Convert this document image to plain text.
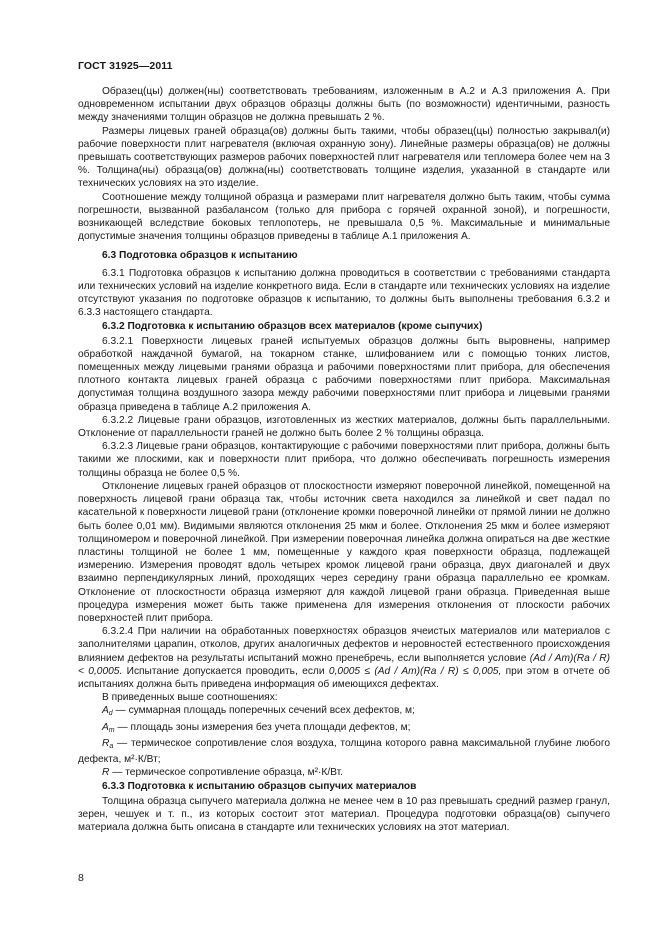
ГОСТ 31925—2011

Образец(цы) должен(ны) соответствовать требованиям, изложенным в А.2 и А.3 приложения А. При одновременном испытании двух образцов образцы должны быть (по возможности) идентичными, разность между значениями толщин образцов не должна превышать 2 %.

Размеры лицевых граней образца(ов) должны быть такими, чтобы образец(цы) полностью закрывал(и) рабочие поверхности плит нагревателя (включая охранную зону). Линейные размеры образца(ов) не должны превышать соответствующих размеров рабочих поверхностей плит нагревателя или тепломера более чем на 3 %. Толщина(ны) образца(ов) должна(ны) соответствовать толщине изделия, указанной в стандарте или технических условиях на это изделие.

Соотношение между толщиной образца и размерами плит нагревателя должно быть таким, чтобы сумма погрешности, вызванной разбалансом (только для прибора с горячей охранной зоной), и погрешности, возникающей вследствие боковых теплопотерь, не превышала 0,5 %. Максимальные и минимальные допустимые значения толщины образцов приведены в таблице А.1 приложения А.

6.3 Подготовка образцов к испытанию

6.3.1 Подготовка образцов к испытанию должна проводиться в соответствии с требованиями стандарта или технических условий на изделие конкретного вида. Если в стандарте или технических условиях на изделие отсутствуют указания по подготовке образцов к испытанию, то должны быть выполнены требования 6.3.2 и 6.3.3 настоящего стандарта.

6.3.2 Подготовка к испытанию образцов всех материалов (кроме сыпучих)

6.3.2.1 Поверхности лицевых граней испытуемых образцов должны быть выровнены, например обработкой наждачной бумагой, на токарном станке, шлифованием или с помощью тонких листов, помещенных между лицевыми гранями образца и рабочими поверхностями плит прибора, для обеспечения плотного контакта лицевых граней образца с рабочими поверхностями плит прибора. Максимальная допустимая толщина воздушного зазора между рабочими поверхностями плит прибора и лицевыми гранями образца приведена в таблице А.2 приложения А.

6.3.2.2 Лицевые грани образцов, изготовленных из жестких материалов, должны быть параллельными. Отклонение от параллельности граней не должно быть более 2 % толщины образца.

6.3.2.3 Лицевые грани образцов, контактирующие с рабочими поверхностями плит прибора, должны быть такими же плоскими, как и поверхности плит прибора, что должно обеспечивать погрешность измерения толщины образца не более 0,5 %.

Отклонение лицевых граней образцов от плоскостности измеряют поверочной линейкой, помещенной на поверхность лицевой грани образца так, чтобы источник света находился за линейкой и свет падал по касательной к поверхности лицевой грани (отклонение кромки поверочной линейки от прямой линии не должно быть более 0,01 мм). Видимыми являются отклонения 25 мкм и более. Отклонения 25 мкм и более измеряют толщиномером и поверочной линейкой. При измерении поверочная линейка должна опираться на две жесткие пластины толщиной не более 1 мм, помещенные у каждого края поверхности образца, подлежащей измерению. Измерения проводят вдоль четырех кромок лицевой грани образца, двух диагоналей и двух взаимно перпендикулярных линий, проходящих через середину грани образца параллельно ее кромкам. Отклонение от плоскостности образца измеряют для каждой лицевой грани образца. Приведенная выше процедура измерения может быть также применена для измерения отклонения от плоскости рабочих поверхностей плит прибора.

6.3.2.4 При наличии на обработанных поверхностях образцов ячеистых материалов или материалов с заполнителями царапин, отколов, других аналогичных дефектов и неровностей естественного происхождения влиянием дефектов на результаты испытаний можно пренебречь, если выполняется условие (Ad / Am)(Ra / R) < 0,0005. Испытание допускается проводить, если 0,0005 ≤ (Ad / Am)(Ra / R) ≤ 0,005, при этом в отчете об испытаниях должна быть приведена информация об имеющихся дефектах.

В приведенных выше соотношениях:

$A_d$ — суммарная площадь поперечных сечений всех дефектов, м;

$A_m$ — площадь зоны измерения без учета площади дефектов, м;

$R_a$ — термическое сопротивление слоя воздуха, толщина которого равна максимальной глубине любого дефекта, м²·К/Вт;

R — термическое сопротивление образца, м²·К/Вт.

6.3.3 Подготовка к испытанию образцов сыпучих материалов

Толщина образца сыпучего материала должна не менее чем в 10 раз превышать средний размер гранул, зерен, чешуек и т. п., из которых состоит этот материал. Процедура подготовки образца(ов) сыпучего материала должна быть описана в стандарте или технических условиях на этот материал.

8
